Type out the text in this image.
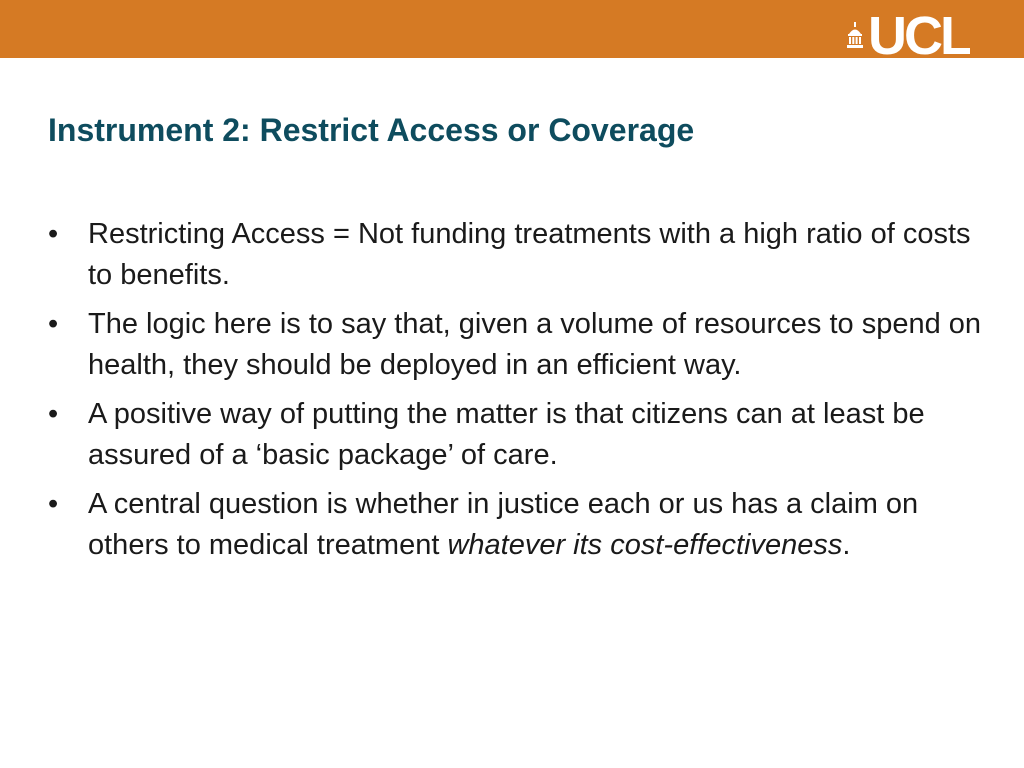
UCL
Instrument 2: Restrict Access or Coverage
• Restricting Access = Not funding treatments with a high ratio of costs to benefits.
• The logic here is to say that, given a volume of resources to spend on health, they should be deployed in an efficient way.
• A positive way of putting the matter is that citizens can at least be assured of a ‘basic package’ of care.
• A central question is whether in justice each or us has a claim on others to medical treatment whatever its cost-effectiveness.
